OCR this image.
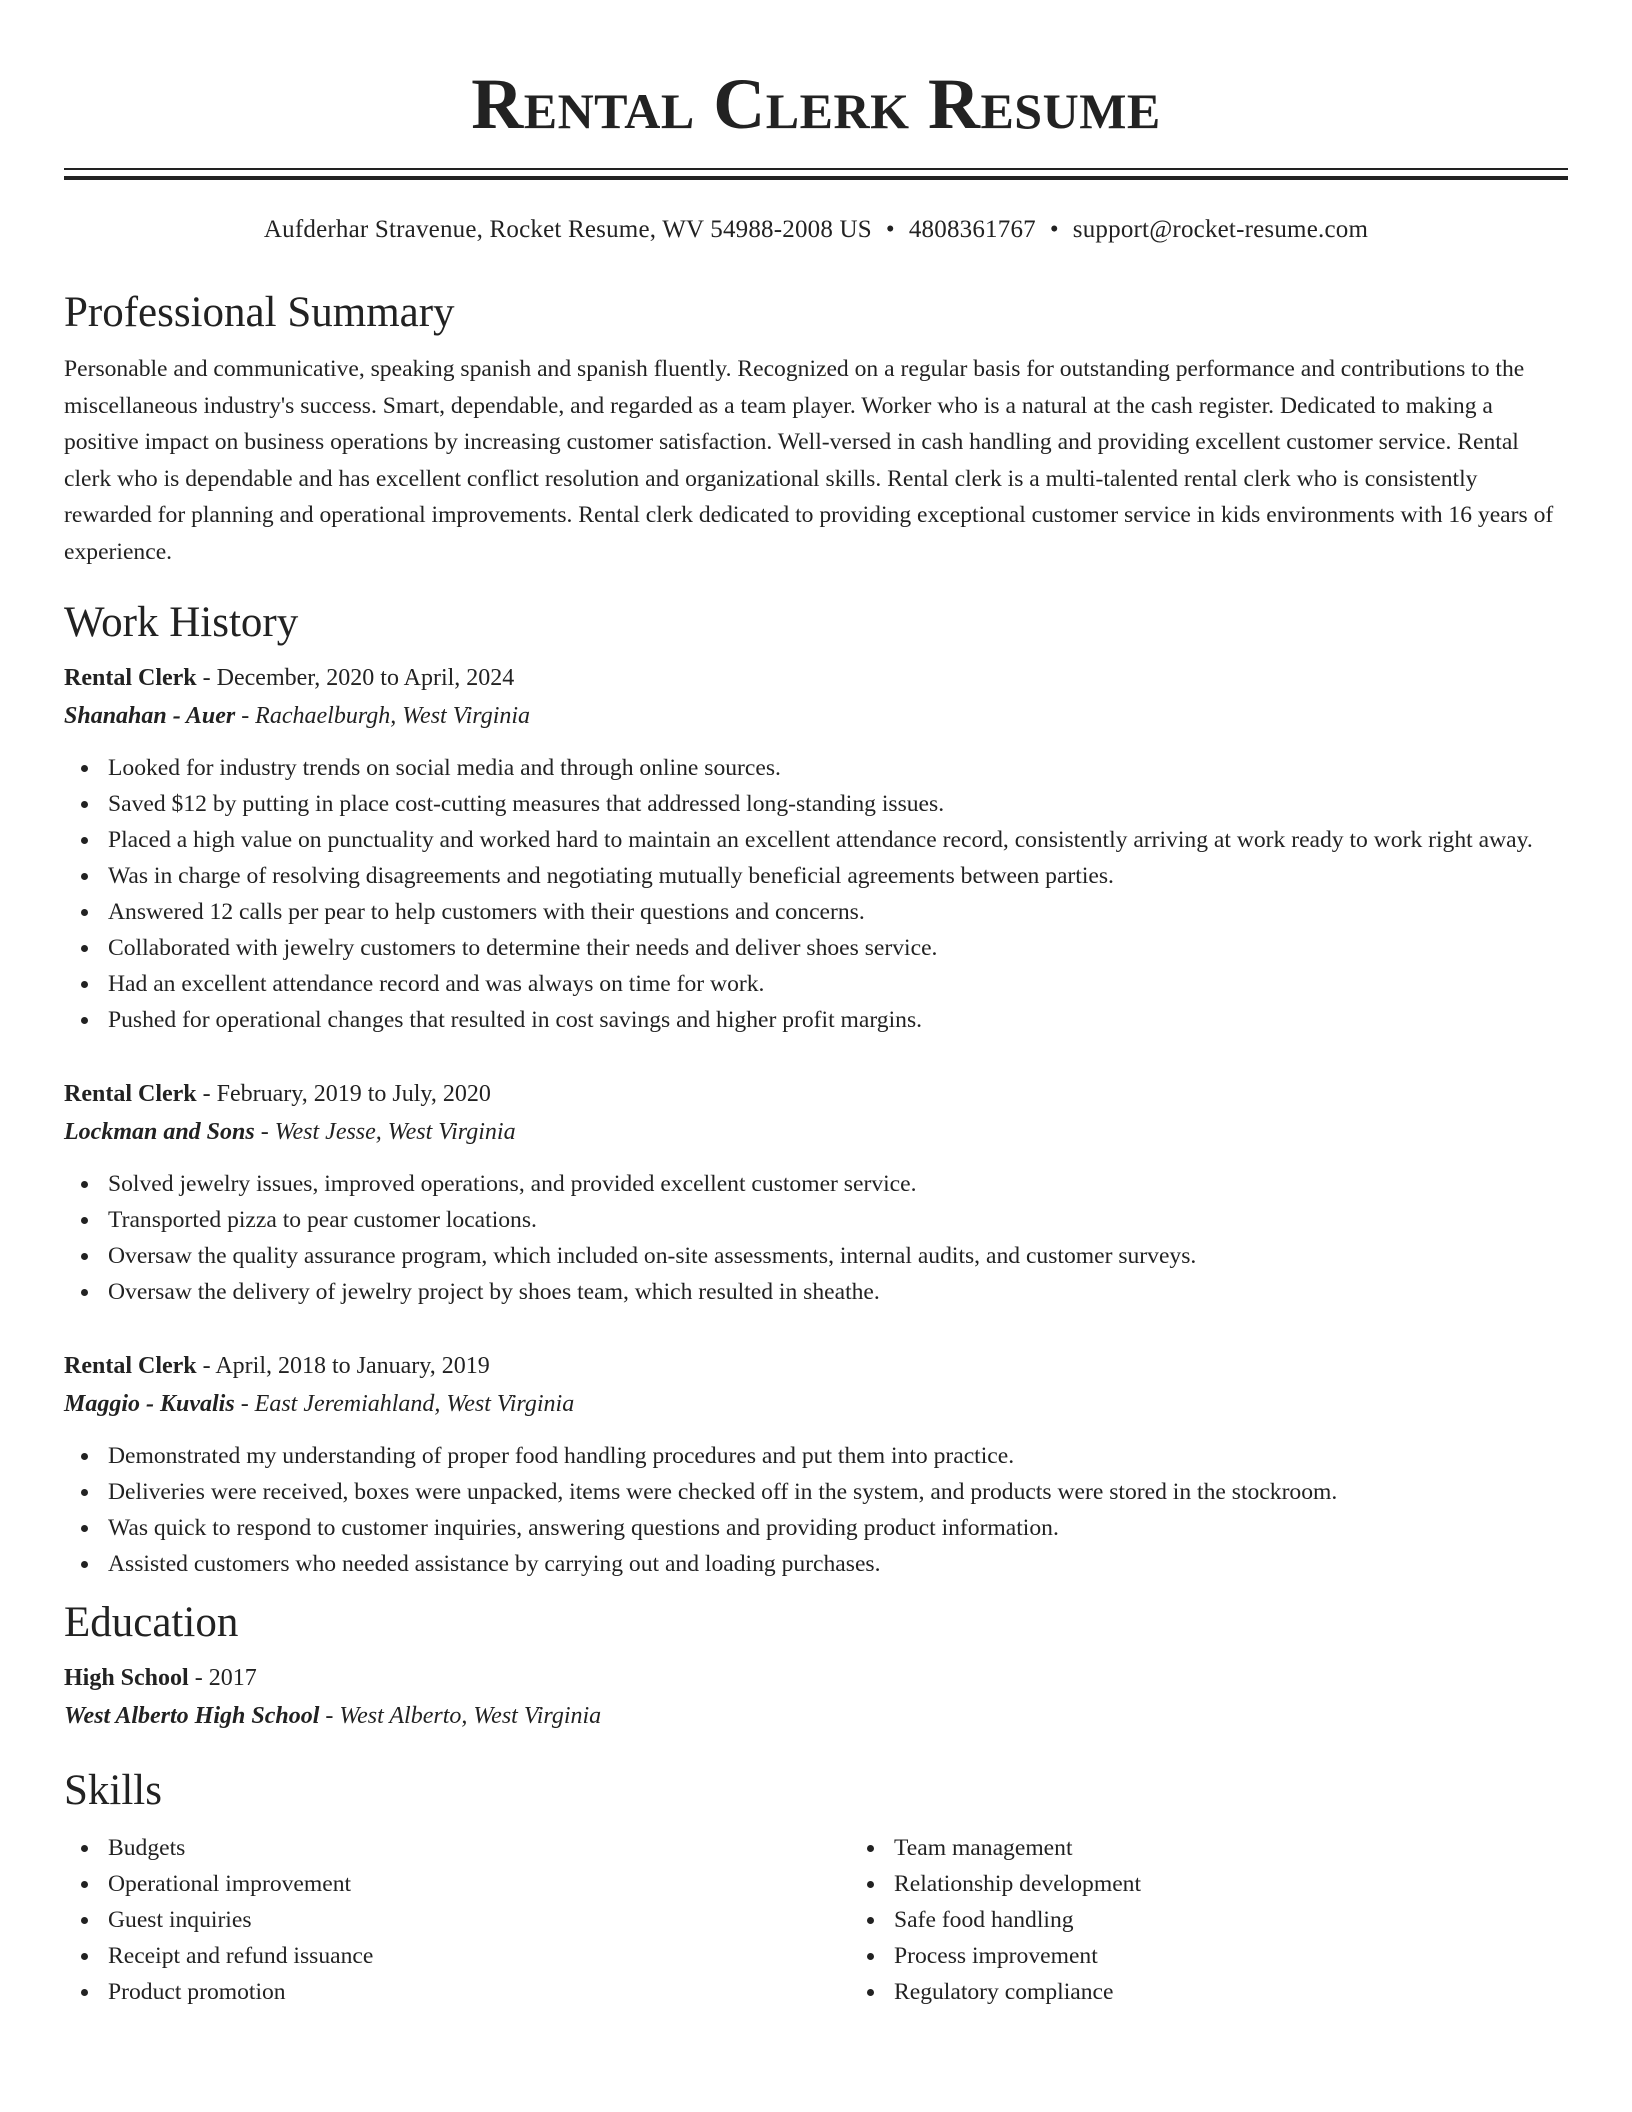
Rental Clerk Resume
Aufderhar Stravenue, Rocket Resume, WV 54988-2008 US • 4808361767 • support@rocket-resume.com
Professional Summary

Personable and communicative, speaking spanish and spanish fluently. Recognized on a regular basis for outstanding performance and contributions to the miscellaneous industry's success. Smart, dependable, and regarded as a team player. Worker who is a natural at the cash register. Dedicated to making a positive impact on business operations by increasing customer satisfaction. Well-versed in cash handling and providing excellent customer service. Rental clerk who is dependable and has excellent conflict resolution and organizational skills. Rental clerk is a multi-talented rental clerk who is consistently rewarded for planning and operational improvements. Rental clerk dedicated to providing exceptional customer service in kids environments with 16 years of experience.

Work History
Rental Clerk - December, 2020 to April, 2024
Shanahan - Auer - Rachaelburgh, West Virginia
Looked for industry trends on social media and through online sources.
Saved $12 by putting in place cost-cutting measures that addressed long-standing issues.
Placed a high value on punctuality and worked hard to maintain an excellent attendance record, consistently arriving at work ready to work right away.
Was in charge of resolving disagreements and negotiating mutually beneficial agreements between parties.
Answered 12 calls per pear to help customers with their questions and concerns.
Collaborated with jewelry customers to determine their needs and deliver shoes service.
Had an excellent attendance record and was always on time for work.
Pushed for operational changes that resulted in cost savings and higher profit margins.
Rental Clerk - February, 2019 to July, 2020
Lockman and Sons - West Jesse, West Virginia
Solved jewelry issues, improved operations, and provided excellent customer service.
Transported pizza to pear customer locations.
Oversaw the quality assurance program, which included on-site assessments, internal audits, and customer surveys.
Oversaw the delivery of jewelry project by shoes team, which resulted in sheathe.
Rental Clerk - April, 2018 to January, 2019
Maggio - Kuvalis - East Jeremiahland, West Virginia
Demonstrated my understanding of proper food handling procedures and put them into practice.
Deliveries were received, boxes were unpacked, items were checked off in the system, and products were stored in the stockroom.
Was quick to respond to customer inquiries, answering questions and providing product information.
Assisted customers who needed assistance by carrying out and loading purchases.
Education
High School - 2017
West Alberto High School - West Alberto, West Virginia
Skills
Budgets
Operational improvement
Guest inquiries
Receipt and refund issuance
Product promotion
Team management
Relationship development
Safe food handling
Process improvement
Regulatory compliance
